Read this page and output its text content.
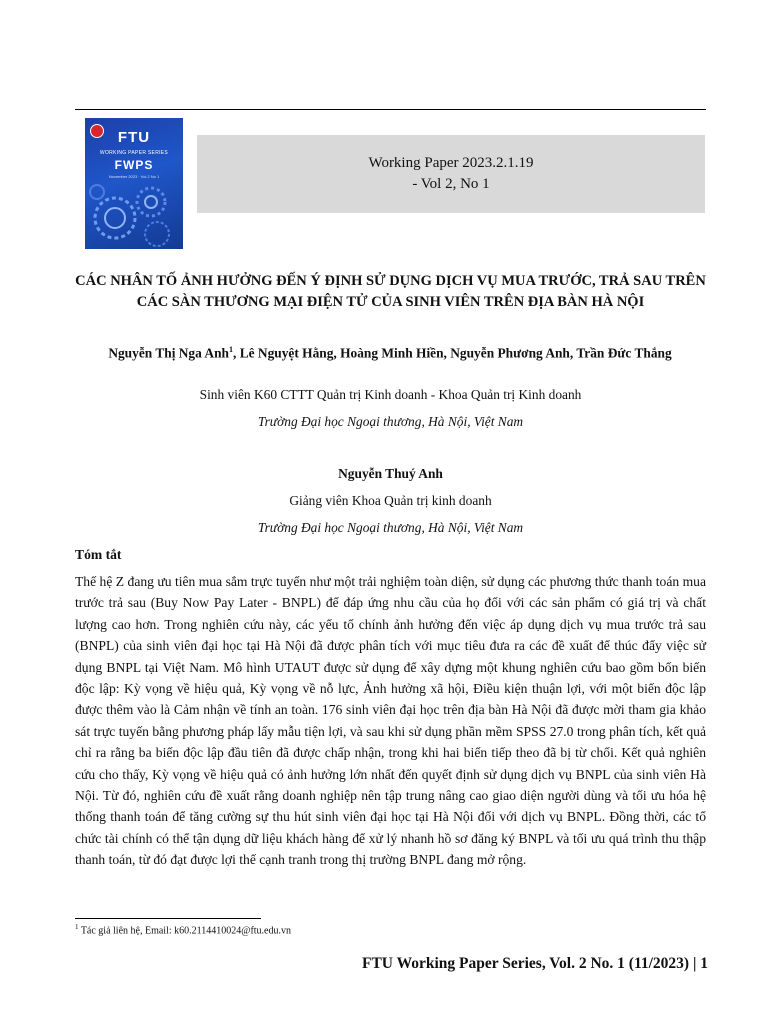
FTU
WORKING PAPER SERIES
FWPS
November 2023 · Vol 2 No 1
Working Paper 2023.2.1.19
- Vol 2, No 1
CÁC NHÂN TỐ ẢNH HƯỞNG ĐẾN Ý ĐỊNH SỬ DỤNG DỊCH VỤ MUA TRƯỚC, TRẢ SAU TRÊN CÁC SÀN THƯƠNG MẠI ĐIỆN TỬ CỦA SINH VIÊN TRÊN ĐỊA BÀN HÀ NỘI

Nguyễn Thị Nga Anh$^1$, Lê Nguyệt Hằng, Hoàng Minh Hiền, Nguyễn Phương Anh, Trần Đức Thắng

Sinh viên K60 CTTT Quản trị Kinh doanh - Khoa Quản trị Kinh doanh

Trường Đại học Ngoại thương, Hà Nội, Việt Nam

Nguyễn Thuý Anh

Giảng viên Khoa Quản trị kinh doanh

Trường Đại học Ngoại thương, Hà Nội, Việt Nam

Tóm tắt

Thế hệ Z đang ưu tiên mua sắm trực tuyến như một trải nghiệm toàn diện, sử dụng các phương thức thanh toán mua trước trả sau (Buy Now Pay Later - BNPL) để đáp ứng nhu cầu của họ đối với các sản phẩm có giá trị và chất lượng cao hơn. Trong nghiên cứu này, các yếu tố chính ảnh hưởng đến việc áp dụng dịch vụ mua trước trả sau (BNPL) của sinh viên đại học tại Hà Nội đã được phân tích với mục tiêu đưa ra các đề xuất để thúc đẩy việc sử dụng BNPL tại Việt Nam. Mô hình UTAUT được sử dụng để xây dựng một khung nghiên cứu bao gồm bốn biến độc lập: Kỳ vọng về hiệu quả, Kỳ vọng về nỗ lực, Ảnh hưởng xã hội, Điều kiện thuận lợi, với một biến độc lập được thêm vào là Cảm nhận về tính an toàn. 176 sinh viên đại học trên địa bàn Hà Nội đã được mời tham gia khảo sát trực tuyến bằng phương pháp lấy mẫu tiện lợi, và sau khi sử dụng phần mềm SPSS 27.0 trong phân tích, kết quả chỉ ra rằng ba biến độc lập đầu tiên đã được chấp nhận, trong khi hai biến tiếp theo đã bị từ chối. Kết quả nghiên cứu cho thấy, Kỳ vọng về hiệu quả có ảnh hưởng lớn nhất đến quyết định sử dụng dịch vụ BNPL của sinh viên Hà Nội. Từ đó, nghiên cứu đề xuất rằng doanh nghiệp nên tập trung nâng cao giao diện người dùng và tối ưu hóa hệ thống thanh toán để tăng cường sự thu hút sinh viên đại học tại Hà Nội đối với dịch vụ BNPL. Đồng thời, các tổ chức tài chính có thể tận dụng dữ liệu khách hàng để xử lý nhanh hồ sơ đăng ký BNPL và tối ưu quá trình thu thập thanh toán, từ đó đạt được lợi thế cạnh tranh trong thị trường BNPL đang mở rộng.

$^1$ Tác giả liên hệ, Email: k60.2114410024@ftu.edu.vn

FTU Working Paper Series, Vol. 2 No. 1 (11/2023) | 1
